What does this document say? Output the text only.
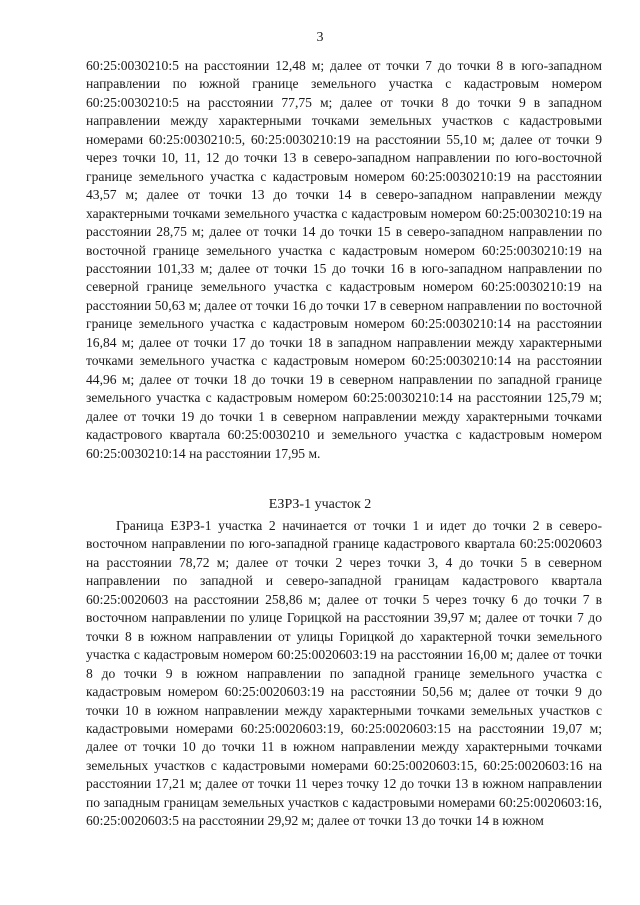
3

60:25:0030210:5 на расстоянии 12,48 м; далее от точки 7 до точки 8 в юго-западном направлении по южной границе земельного участка с кадастровым номером 60:25:0030210:5 на расстоянии 77,75 м; далее от точки 8 до точки 9 в западном направлении между характерными точками земельных участков с кадастровыми номерами 60:25:0030210:5, 60:25:0030210:19 на расстоянии 55,10 м; далее от точки 9 через точки 10, 11, 12 до точки 13 в северо-западном направлении по юго-восточной границе земельного участка с кадастровым номером 60:25:0030210:19 на расстоянии 43,57 м; далее от точки 13 до точки 14 в северо-западном направлении между характерными точками земельного участка с кадастровым номером 60:25:0030210:19 на расстоянии 28,75 м; далее от точки 14 до точки 15 в северо-западном направлении по восточной границе земельного участка с кадастровым номером 60:25:0030210:19 на расстоянии 101,33 м; далее от точки 15 до точки 16 в юго-западном направлении по северной границе земельного участка с кадастровым номером 60:25:0030210:19 на расстоянии 50,63 м; далее от точки 16 до точки 17 в северном направлении по восточной границе земельного участка с кадастровым номером 60:25:0030210:14 на расстоянии 16,84 м; далее от точки 17 до точки 18 в западном направлении между характерными точками земельного участка с кадастровым номером 60:25:0030210:14 на расстоянии 44,96 м; далее от точки 18 до точки 19 в северном направлении по западной границе земельного участка с кадастровым номером 60:25:0030210:14 на расстоянии 125,79 м; далее от точки 19 до точки 1 в северном направлении между характерными точками кадастрового квартала 60:25:0030210 и земельного участка с кадастровым номером 60:25:0030210:14 на расстоянии 17,95 м.

ЕЗРЗ-1 участок 2

Граница ЕЗРЗ-1 участка 2 начинается от точки 1 и идет до точки 2 в северо-восточном направлении по юго-западной границе кадастрового квартала 60:25:0020603 на расстоянии 78,72 м; далее от точки 2 через точки 3, 4 до точки 5 в северном направлении по западной и северо-западной границам кадастрового квартала 60:25:0020603 на расстоянии 258,86 м; далее от точки 5 через точку 6 до точки 7 в восточном направлении по улице Горицкой на расстоянии 39,97 м; далее от точки 7 до точки 8 в южном направлении от улицы Горицкой до характерной точки земельного участка с кадастровым номером 60:25:0020603:19 на расстоянии 16,00 м; далее от точки 8 до точки 9 в южном направлении по западной границе земельного участка с кадастровым номером 60:25:0020603:19 на расстоянии 50,56 м; далее от точки 9 до точки 10 в южном направлении между характерными точками земельных участков с кадастровыми номерами 60:25:0020603:19, 60:25:0020603:15 на расстоянии 19,07 м; далее от точки 10 до точки 11 в южном направлении между характерными точками земельных участков с кадастровыми номерами 60:25:0020603:15, 60:25:0020603:16 на расстоянии 17,21 м; далее от точки 11 через точку 12 до точки 13 в южном направлении по западным границам земельных участков с кадастровыми номерами 60:25:0020603:16, 60:25:0020603:5 на расстоянии 29,92 м; далее от точки 13 до точки 14 в южном
